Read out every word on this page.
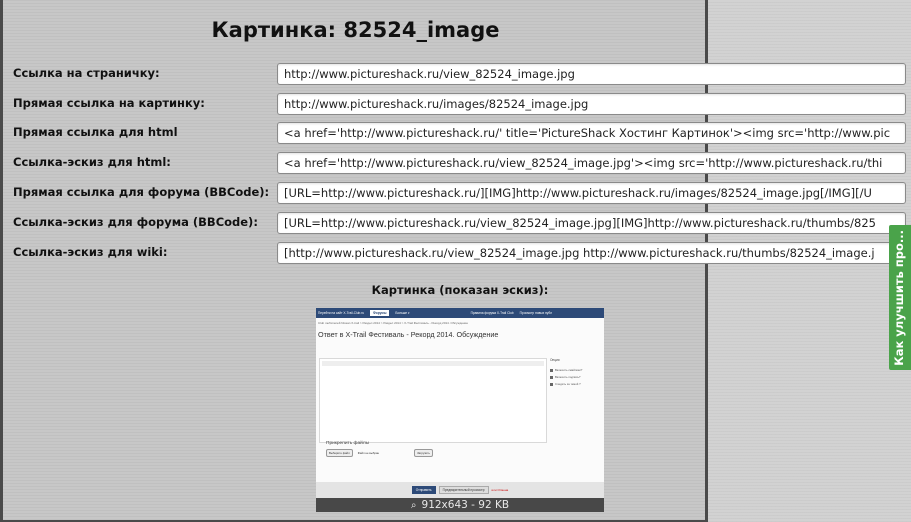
Картинка: 82524_image
Ссылка на страничку:
http://www.pictureshack.ru/view_82524_image.jpg
Прямая ссылка на картинку:
http://www.pictureshack.ru/images/82524_image.jpg
Прямая ссылка для html
<a href='http://www.pictureshack.ru/' title='PictureShack Хостинг Картинок'><img src='http://www.pic
Ссылка-эскиз для html:
<a href='http://www.pictureshack.ru/view_82524_image.jpg'><img src='http://www.pictureshack.ru/thi
Прямая ссылка для форума (BBCode):
[URL=http://www.pictureshack.ru/][IMG]http://www.pictureshack.ru/images/82524_image.jpg[/IMG][/U
Ссылка-эскиз для форума (BBCode):
[URL=http://www.pictureshack.ru/view_82524_image.jpg][IMG]http://www.pictureshack.ru/thumbs/825
Ссылка-эскиз для wiki:
[http://www.pictureshack.ru/view_82524_image.jpg http://www.pictureshack.ru/thumbs/82524_image.j
Картинка (показан эскиз):
Перейти на сайт X-Trail-Club.ru	Форумы	Больше ▾	Правила форума X-Trail Club Просмотр новых публ
Club любителей Nissan X-trail > Раздел 2014 > Раздел 2014 > X-Trail Фестиваль - Рекорд 2014. Обсуждение
Ответ в X-Trail Фестиваль - Рекорд 2014. Обсуждение
Опции
Включить смайлики?
Включить подпись?
Следить за темой ?
Прикрепить файлы
Выберите файл	Файл не выбран	Загрузить
Отправить	Предварительный просмотр	или Отмена
⌕ 912x643 - 92 KB
Как улучшить про...
